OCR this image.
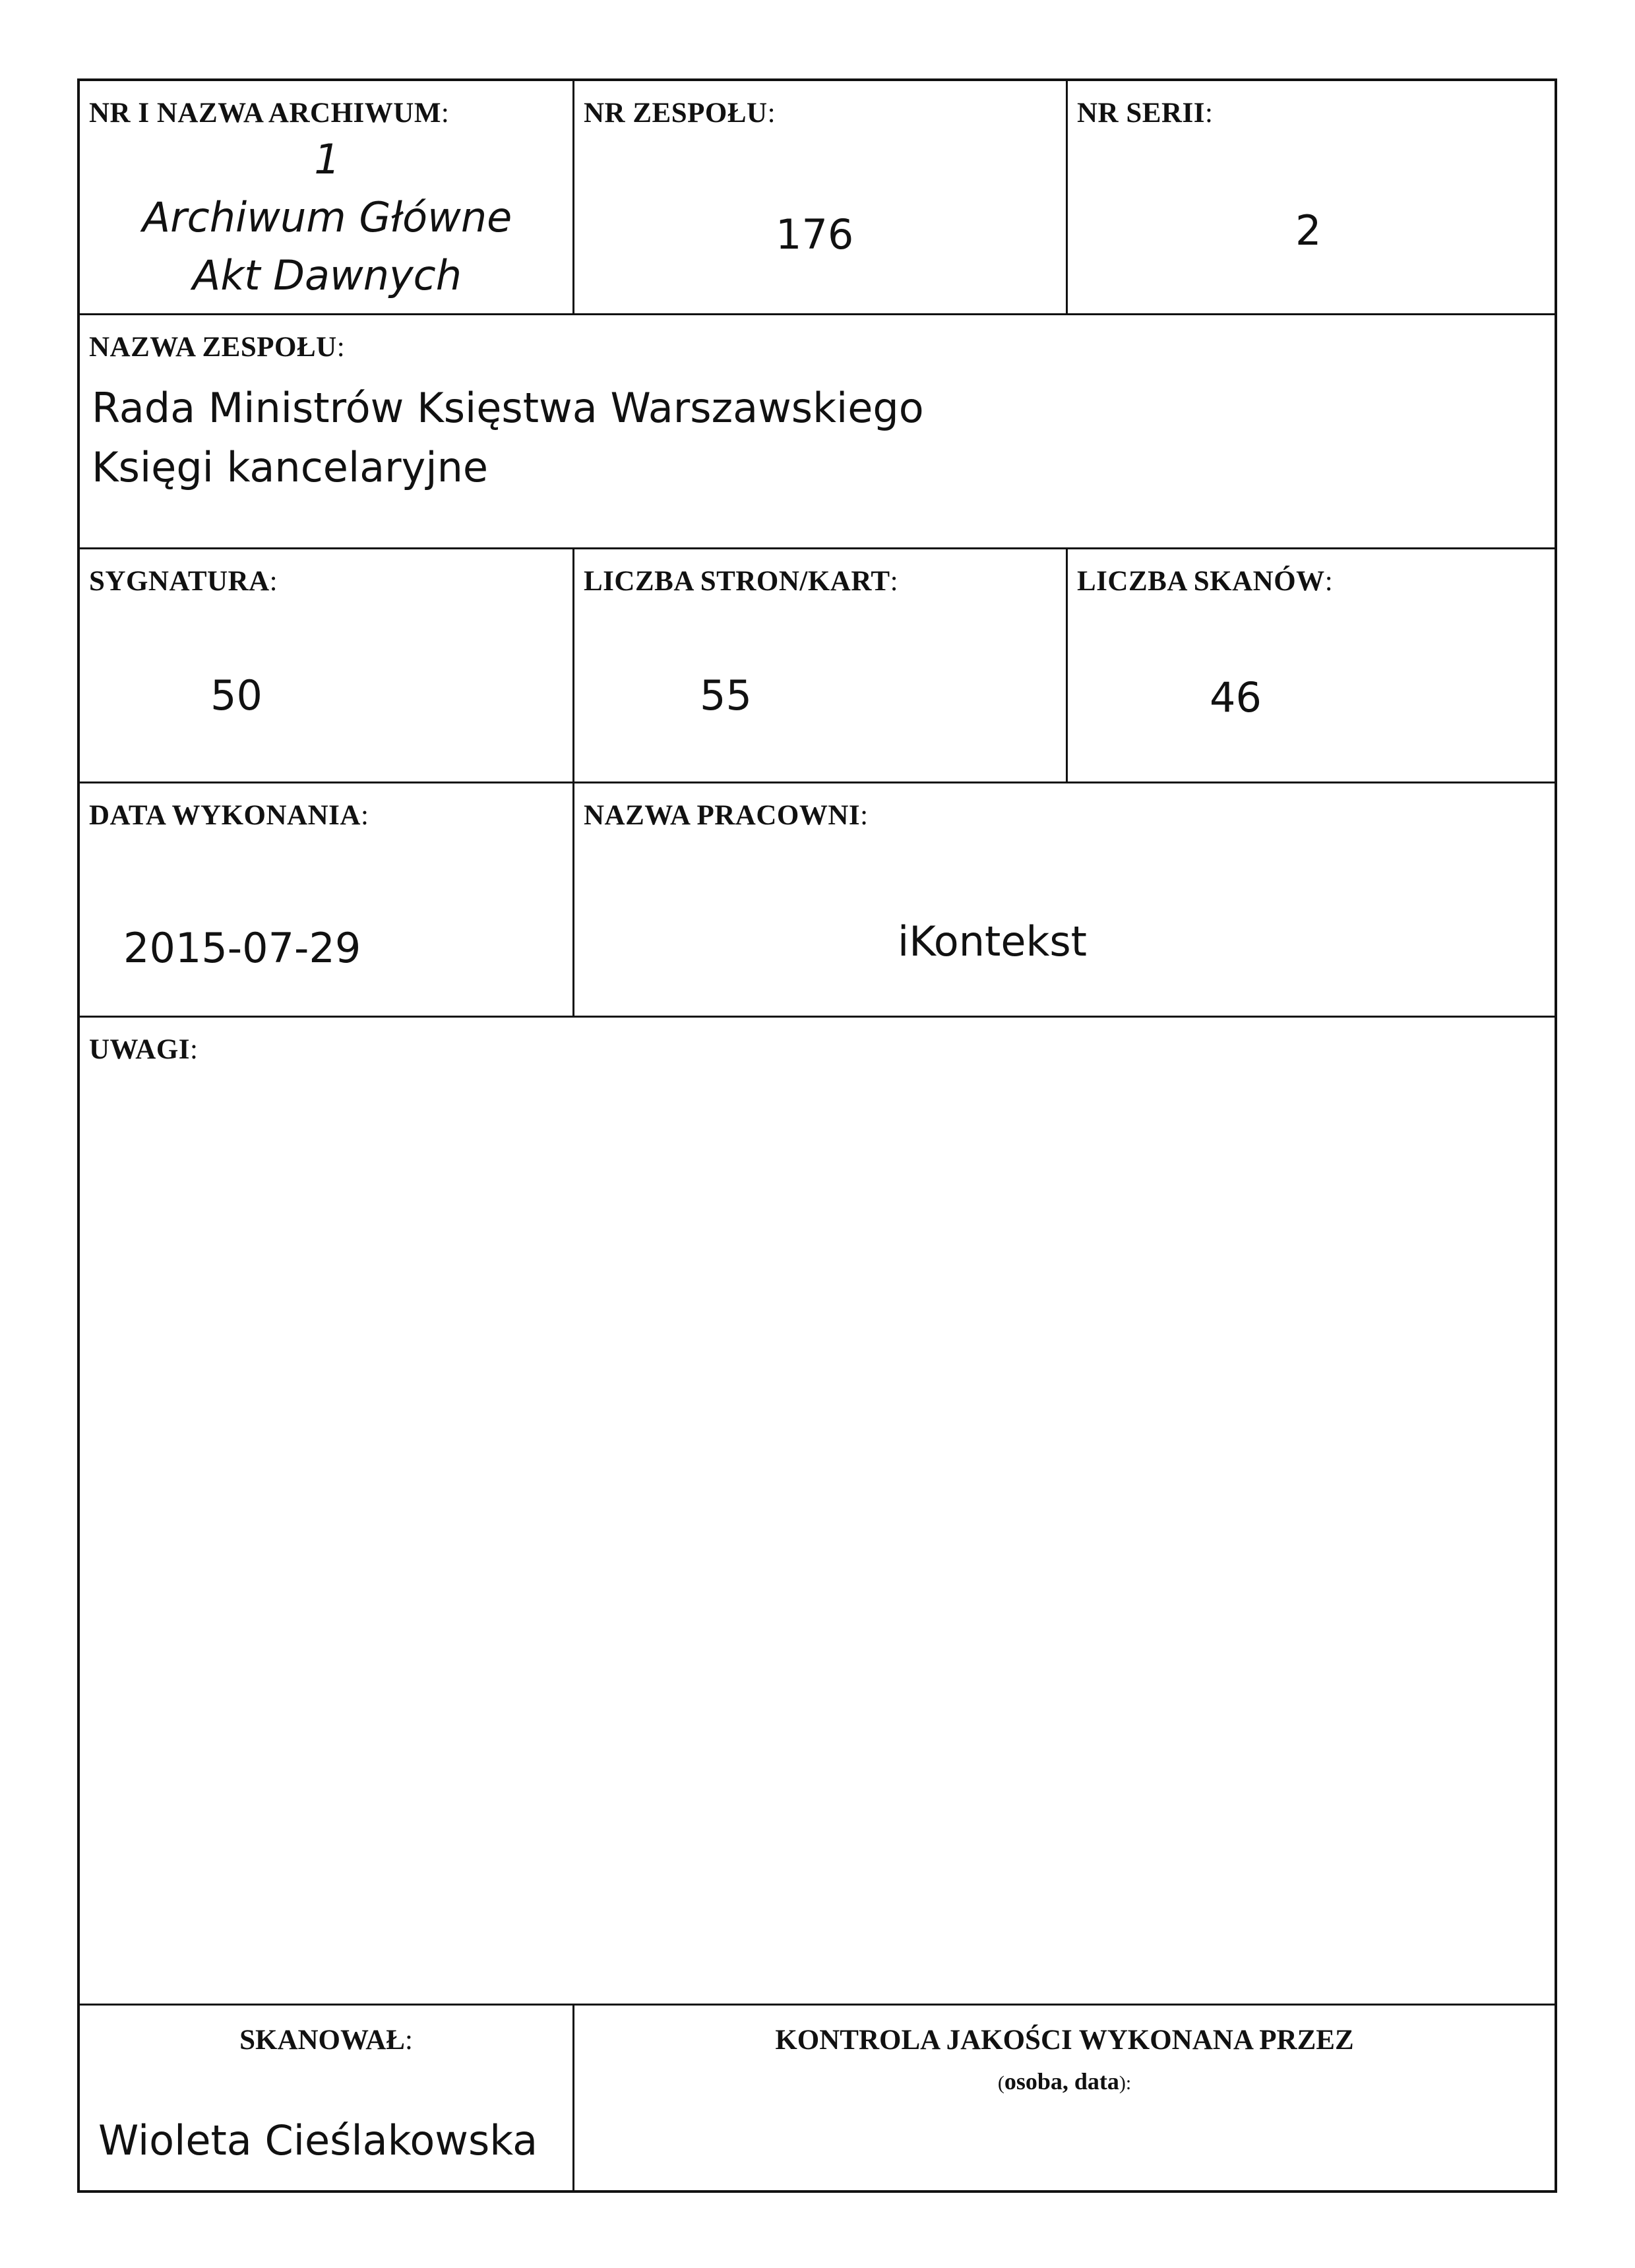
NR I NAZWA ARCHIWUM:
1
Archiwum Główne
Akt Dawnych
NR ZESPOŁU:
176
NR SERII:
2
NAZWA ZESPOŁU:
Rada Ministrów Księstwa Warszawskiego
Księgi kancelaryjne
SYGNATURA:
50
LICZBA STRON/KART:
55
LICZBA SKANÓW:
46
DATA WYKONANIA:
2015-07-29
NAZWA PRACOWNI:
iKontekst
UWAGI:
SKANOWAŁ:
Wioleta Cieślakowska
KONTROLA JAKOŚCI WYKONANA PRZEZ
(osoba, data):
